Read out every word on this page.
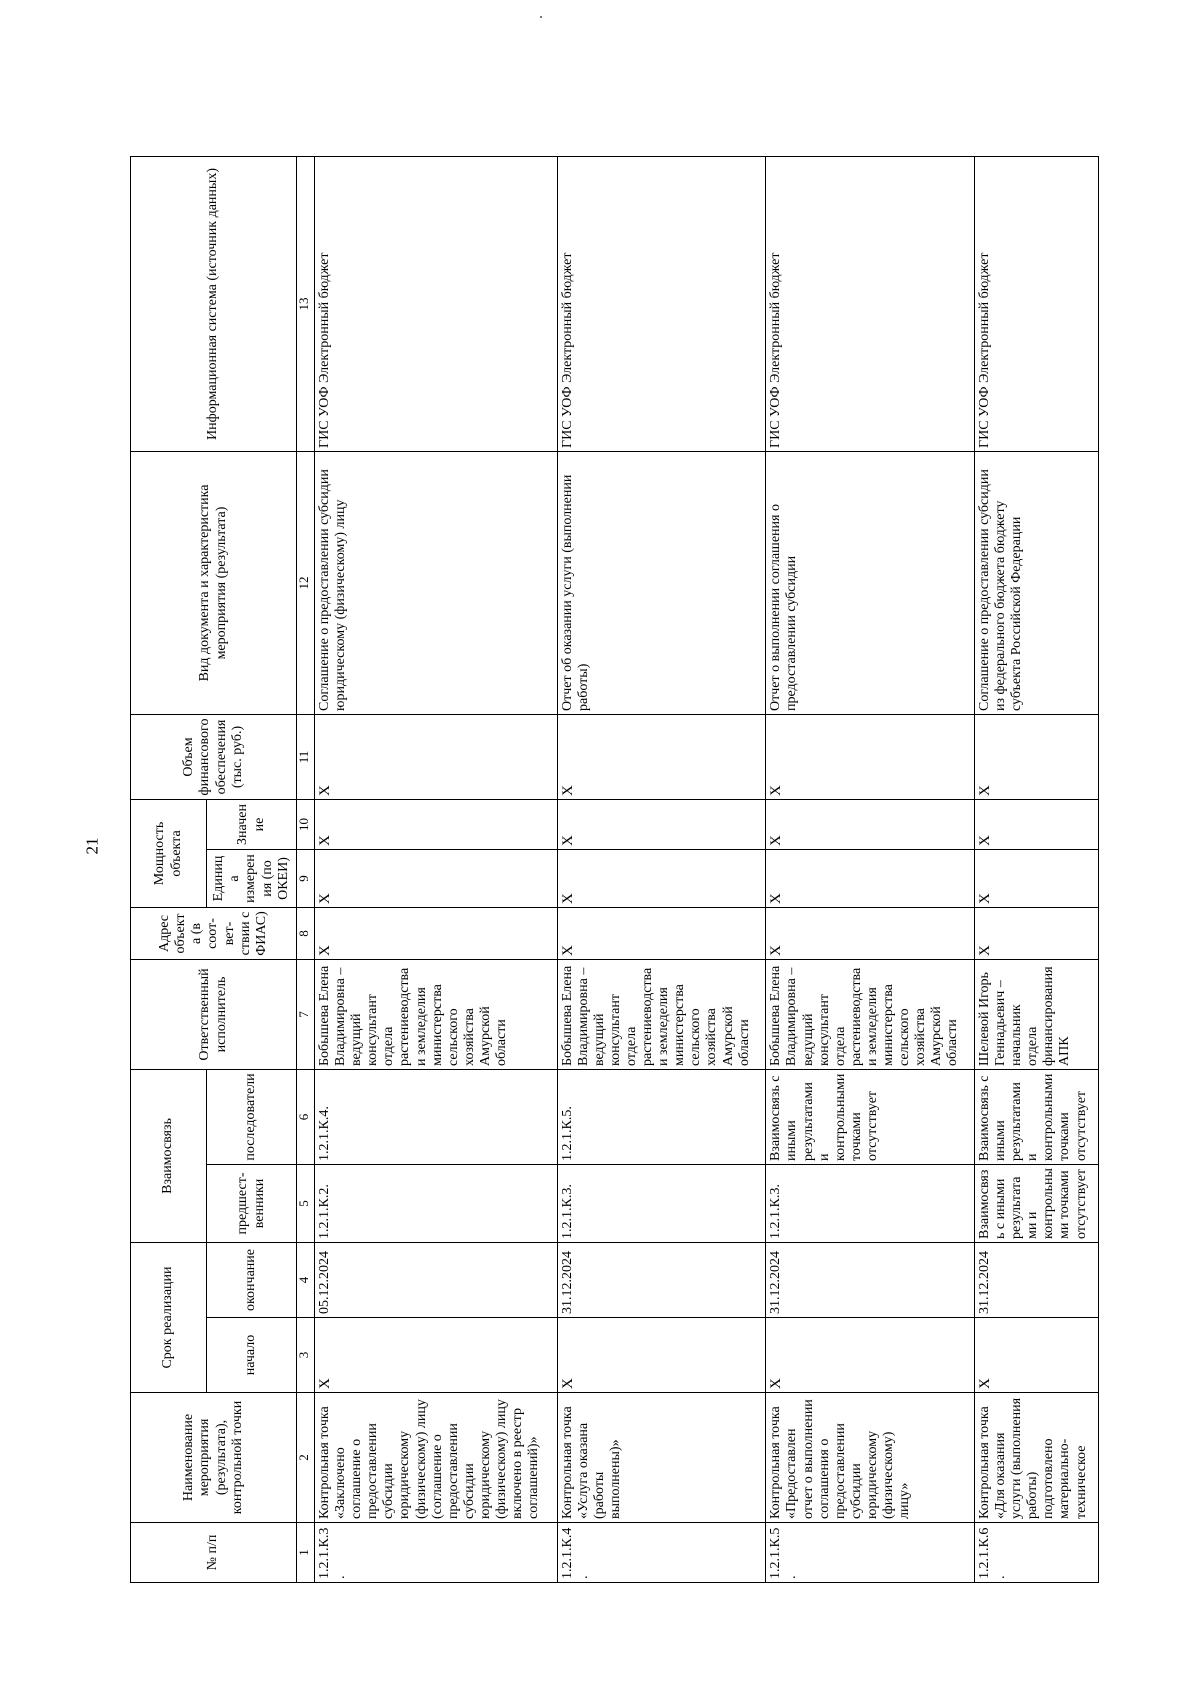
21
№ п/п	Наименование мероприятия (результата), контрольной точки	Срок реализации		Взаимосвязь		Ответственный исполнитель	Адрес объекта (в соот-вет-ствии с ФИАС)	Мощность объекта		Объем финансового обеспечения (тыс. руб.)	Вид документа и характеристика мероприятия (результата)	Информационная система (источник данных)
		начало	окончание	предшест-венники	последователи			Единица измерения (по ОКЕИ)	Значение			
1	2	3	4	5	6	7	8	9	10	11	12	13
1.2.1.К.3.	Контрольная точка «Заключено соглашение о предоставлении субсидии юридическому (физическому) лицу (соглашение о предоставлении субсидии юридическому (физическому) лицу включено в реестр соглашений)»	X	05.12.2024	1.2.1.К.2.	1.2.1.К.4.	Бобышева Елена Владимировна –ведущий консультант отдела растениеводства и земледелия министерства сельского хозяйства Амурской области	X	X	X	X	Соглашение о предоставлении субсидии юридическому (физическому) лицу	ГИС УОФ Электронный бюджет
1.2.1.К.4.	Контрольная точка «Услуга оказана (работы выполнены)»	X	31.12.2024	1.2.1.К.3.	1.2.1.К.5.	Бобышева Елена Владимировна –ведущий консультант отдела растениеводства и земледелия министерства сельского хозяйства Амурской области	X	X	X	X	Отчет об оказании услуги (выполнении работы)	ГИС УОФ Электронный бюджет
1.2.1.К.5.	Контрольная точка «Предоставлен отчет о выполнении соглашения о предоставлении субсидии юридическому (физическому) лицу»	X	31.12.2024	1.2.1.К.3.	Взаимосвязь с иными результатами и контрольными точками отсутствует	Бобышева Елена Владимировна –ведущий консультант отдела растениеводства и земледелия министерства сельского хозяйства Амурской области	X	X	X	X	Отчет о выполнении соглашения о предоставлении субсидии	ГИС УОФ Электронный бюджет
1.2.1.К.6.	Контрольная точка «Для оказания услуги (выполнения работы) подготовлено материально-техническое	X	31.12.2024	Взаимосвязь с иными результатами и контрольными точками отсутствует	Взаимосвязь с иными результатами и контрольными точками отсутствует	Шелевой Игорь Геннадьевич – начальник отдела финансирования АПК	X	X	X	X	Соглашение о предоставлении субсидии из федерального бюджета бюджету субъекта Российской Федерации	ГИС УОФ Электронный бюджет
